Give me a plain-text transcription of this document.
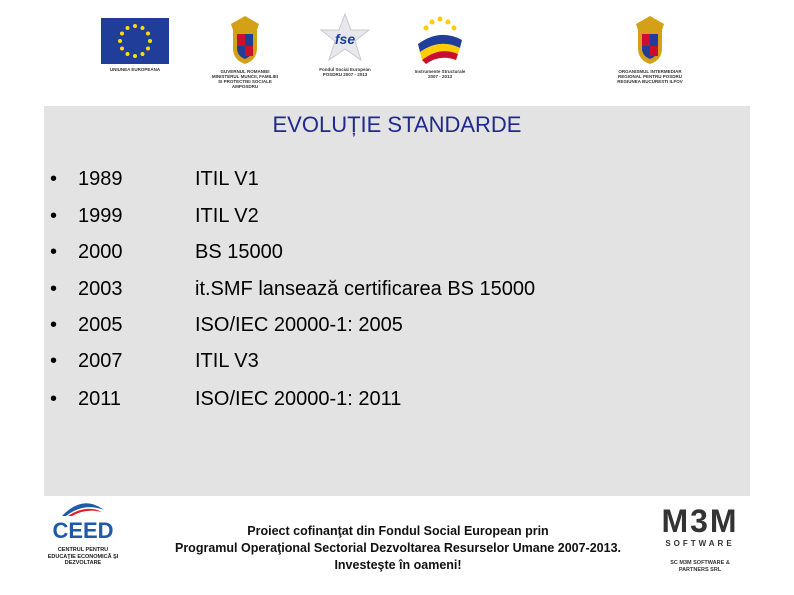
UNIUNEA EUROPEANA	GUVERNUL ROMANIEI
MINISTERUL MUNCII, FAMILIEI
SI PROTECTIEI SOCIALE
AMPOSDRU
fse
Fondul Social European
POSDRU 2007 - 2013
Instrumente Structurale
2007 - 2013
ORGANISMUL INTERMEDIAR
REGIONAL PENTRU POSDRU
REGIUNEA BUCURESTI ILFOV
EVOLUȚIE STANDARDE
• 1989	ITIL V1
• 1999	ITIL V2
• 2000	BS 15000
• 2003	it.SMF lansează certificarea BS 15000
• 2005	ISO/IEC 20000-1: 2005
• 2007	ITIL V3
• 2011	ISO/IEC 20000-1: 2011
CEED
CENTRUL PENTRU
EDUCAŢIE ECONOMICĂ ŞI
DEZVOLTARE
Proiect cofinanţat din Fondul Social European prin
Programul Operaţional Sectorial Dezvoltarea Resurselor Umane 2007-2013.
Investeşte în oameni!
M3M
SOFTWARE
SC M3M SOFTWARE &
PARTNERS SRL
